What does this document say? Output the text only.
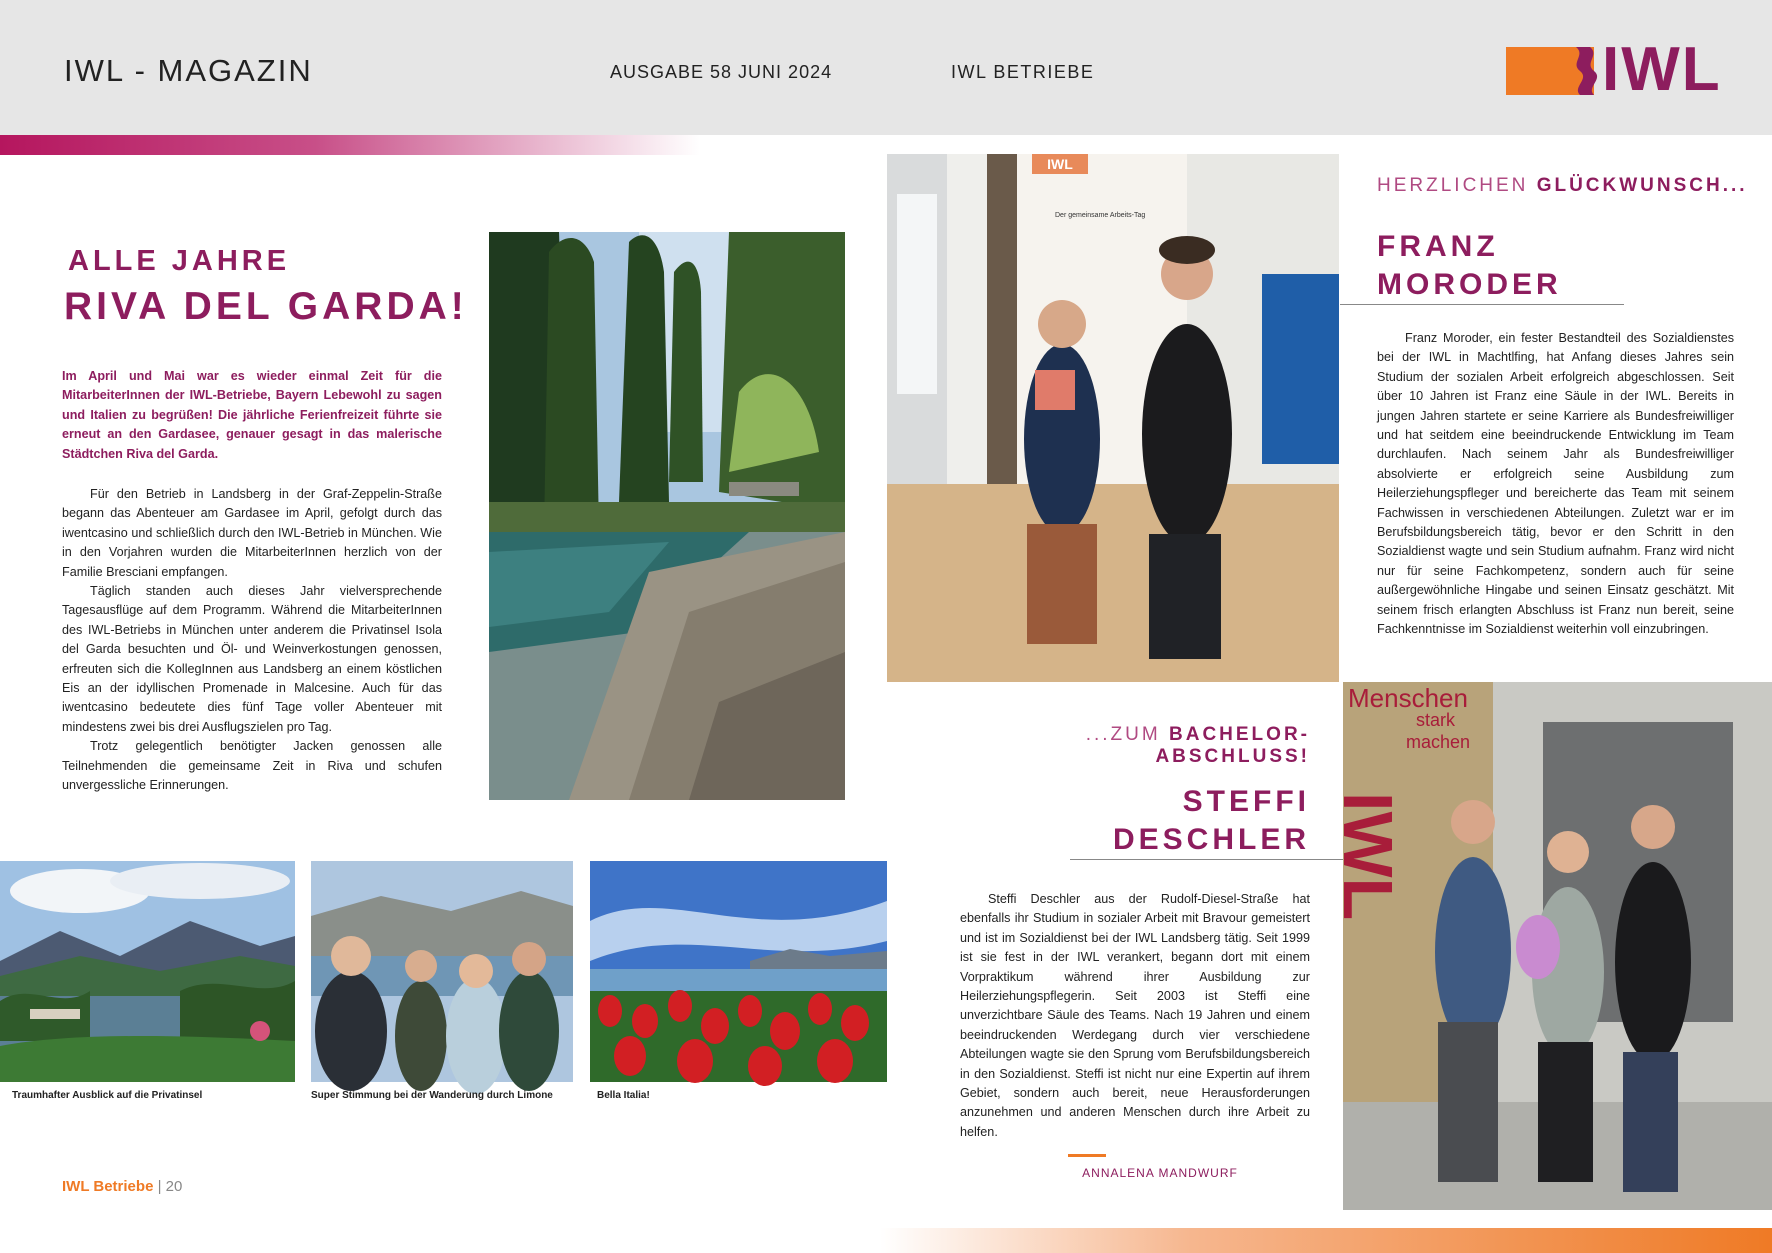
IWL - MAGAZIN	AUSGABE 58 JUNI 2024	IWL BETRIEBE	IWL
ALLE JAHRE
RIVA DEL GARDA!
Im April und Mai war es wieder einmal Zeit für die MitarbeiterInnen der IWL-Betriebe, Bayern Lebewohl zu sagen und Italien zu begrüßen! Die jährliche Ferienfreizeit führte sie erneut an den Gardasee, genauer gesagt in das malerische Städtchen Riva del Garda.

Für den Betrieb in Landsberg in der Graf-Zeppelin-Straße begann das Abenteuer am Gardasee im April, gefolgt durch das iwentcasino und schließlich durch den IWL-Betrieb in München. Wie in den Vorjahren wurden die MitarbeiterInnen herzlich von der Familie Bresciani empfangen.

Täglich standen auch dieses Jahr vielversprechende Tagesausflüge auf dem Programm. Während die MitarbeiterInnen des IWL-Betriebs in München unter anderem die Privatinsel Isola del Garda besuchten und Öl- und Weinverkostungen genossen, erfreuten sich die KollegInnen aus Landsberg an einem köstlichen Eis an der idyllischen Promenade in Malcesine. Auch für das iwentcasino bedeutete dies fünf Tage voller Abenteuer mit mindestens zwei bis drei Ausflugszielen pro Tag.

Trotz gelegentlich benötigter Jacken genossen alle Teilnehmenden die gemeinsame Zeit in Riva und schufen unvergessliche Erinnerungen.

Traumhafter Ausblick auf die Privatinsel	Super Stimmung bei der Wanderung durch Limone	Bella Italia!
IWL Betriebe | 20
IWL
Der gemeinsame Arbeits-Tag
HERZLICHEN GLÜCKWUNSCH...
FRANZ
MORODER
Franz Moroder, ein fester Bestandteil des Sozialdienstes bei der IWL in Machtlfing, hat Anfang dieses Jahres sein Studium der sozialen Arbeit erfolgreich abgeschlossen. Seit über 10 Jahren ist Franz eine Säule in der IWL. Bereits in jungen Jahren startete er seine Karriere als Bundesfreiwilliger und hat seitdem eine beeindruckende Entwicklung im Team durchlaufen. Nach seinem Jahr als Bundesfreiwilliger absolvierte er erfolgreich seine Ausbildung zum Heilerziehungspfleger und bereicherte das Team mit seinem Fachwissen in verschiedenen Abteilungen. Zuletzt war er im Berufsbildungsbereich tätig, bevor er den Schritt in den Sozialdienst wagte und sein Studium aufnahm. Franz wird nicht nur für seine Fachkompetenz, sondern auch für seine außergewöhnliche Hingabe und seinen Einsatz geschätzt. Mit seinem frisch erlangten Abschluss ist Franz nun bereit, seine Fachkenntnisse im Sozialdienst weiterhin voll einzubringen.
...ZUM BACHELOR-ABSCHLUSS!
STEFFI
DESCHLER
Steffi Deschler aus der Rudolf-Diesel-Straße hat ebenfalls ihr Studium in sozialer Arbeit mit Bravour gemeistert und ist im Sozialdienst bei der IWL Landsberg tätig. Seit 1999 ist sie fest in der IWL verankert, begann dort mit einem Vorpraktikum während ihrer Ausbildung zur Heilerziehungspflegerin. Seit 2003 ist Steffi eine unverzichtbare Säule des Teams. Nach 19 Jahren und einem beeindruckenden Werdegang durch vier verschiedene Abteilungen wagte sie den Sprung vom Berufsbildungsbereich in den Sozialdienst. Steffi ist nicht nur eine Expertin auf ihrem Gebiet, sondern auch bereit, neue Herausforderungen anzunehmen und anderen Menschen durch ihre Arbeit zu helfen.
ANNALENA MANDWURF
Menschen
stark
machen
IWL
